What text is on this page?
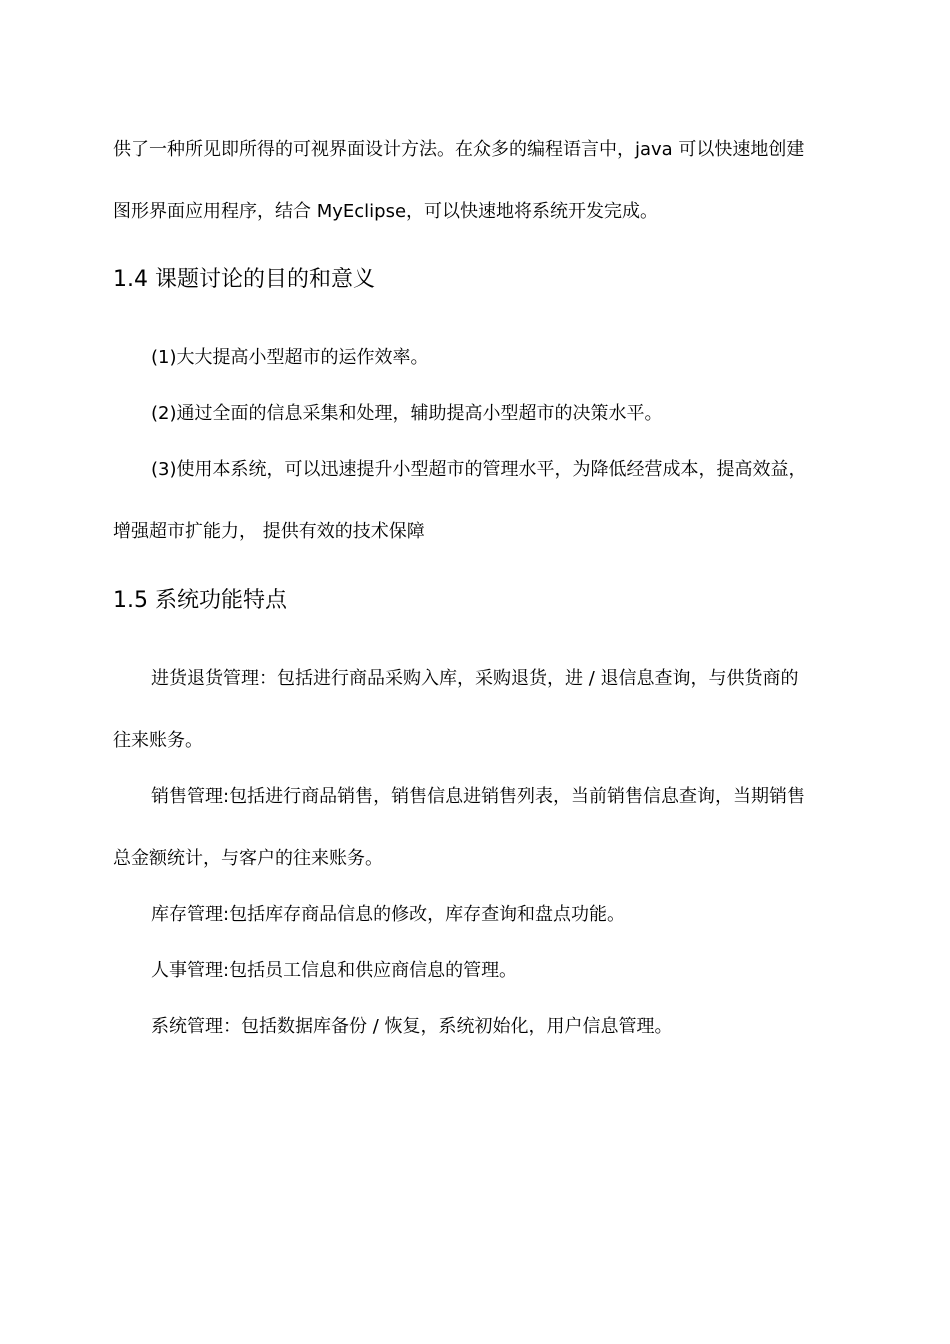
供了一种所见即所得的可视界面设计方法。在众多的编程语言中，java 可以快速地创建
图形界面应用程序，结合 MyEclipse，可以快速地将系统开发完成。
1.4 课题讨论的目的和意义
(1)大大提高小型超市的运作效率。
(2)通过全面的信息采集和处理，辅助提高小型超市的决策水平。
(3)使用本系统，可以迅速提升小型超市的管理水平，为降低经营成本，提高效益，
增强超市扩能力， 提供有效的技术保障
1.5 系统功能特点
进货退货管理：包括进行商品采购入库，采购退货，进 / 退信息查询，与供货商的
往来账务。
销售管理:包括进行商品销售，销售信息进销售列表，当前销售信息查询，当期销售
总金额统计，与客户的往来账务。
库存管理:包括库存商品信息的修改，库存查询和盘点功能。
人事管理:包括员工信息和供应商信息的管理。
系统管理：包括数据库备份 / 恢复，系统初始化，用户信息管理。
